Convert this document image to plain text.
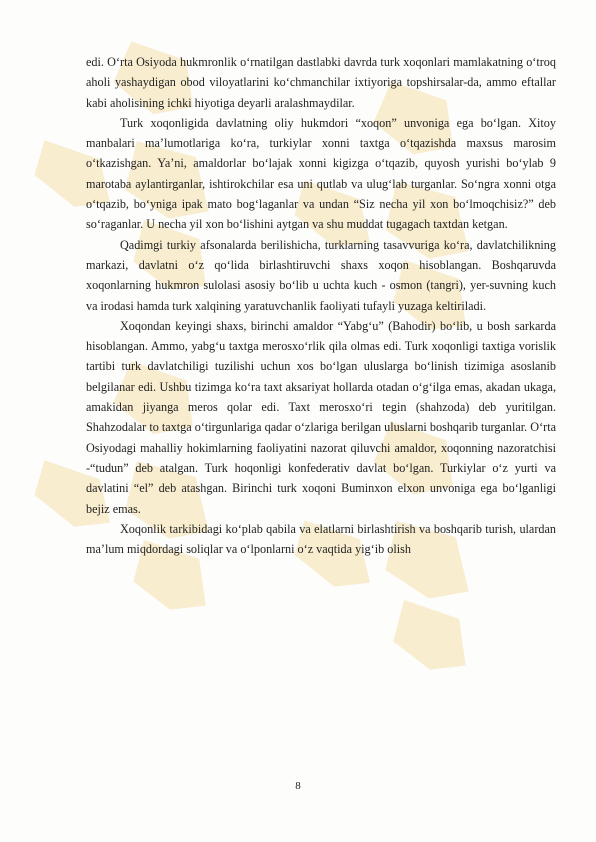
edi. O‘rta Osiyoda hukmronlik o‘rnatilgan dastlabki davrda turk xoqonlari mamlakatning o‘troq aholi yashaydigan obod viloyatlarini ko‘chmanchilar ixtiyoriga topshirsalar-da, ammo eftallar kabi aholisining ichki hiyotiga deyarli aralashmaydilar.

Turk xoqonligida davlatning oliy hukmdori “xoqon” unvoniga ega bo‘lgan. Xitoy manbalari ma’lumotlariga ko‘ra, turkiylar xonni taxtga o‘tqazishda maxsus marosim o‘tkazishgan. Ya’ni, amaldorlar bo‘lajak xonni kigizga o‘tqazib, quyosh yurishi bo‘ylab 9 marotaba aylantirganlar, ishtirokchilar esa uni qutlab va ulug‘lab turganlar. So‘ngra xonni otga o‘tqazib, bo‘yniga ipak mato bog‘laganlar va undan “Siz necha yil xon bo‘lmoqchisiz?” deb so‘raganlar. U necha yil xon bo‘lishini aytgan va shu muddat tugagach taxtdan ketgan.

Qadimgi turkiy afsonalarda berilishicha, turklarning tasavvuriga ko‘ra, davlatchilikning markazi, davlatni o‘z qo‘lida birlashtiruvchi shaxs xoqon hisoblangan. Boshqaruvda xoqonlarning hukmron sulolasi asosiy bo‘lib u uchta kuch - osmon (tangri), yer-suvning kuch va irodasi hamda turk xalqining yaratuvchanlik faoliyati tufayli yuzaga keltiriladi.

Xoqondan keyingi shaxs, birinchi amaldor “Yabg‘u” (Bahodir) bo‘lib, u bosh sarkarda hisoblangan. Ammo, yabg‘u taxtga merosxo‘rlik qila olmas edi. Turk xoqonligi taxtiga vorislik tartibi turk davlatchiligi tuzilishi uchun xos bo‘lgan uluslarga bo‘linish tizimiga asoslanib belgilanar edi. Ushbu tizimga ko‘ra taxt aksariyat hollarda otadan o‘g‘ilga emas, akadan ukaga, amakidan jiyanga meros qolar edi. Taxt merosxo‘ri tegin (shahzoda) deb yuritilgan. Shahzodalar to taxtga o‘tirgunlariga qadar o‘zlariga berilgan uluslarni boshqarib turganlar. O‘rta Osiyodagi mahalliy hokimlarning faoliyatini nazorat qiluvchi amaldor, xoqonning nazoratchisi -“tudun” deb atalgan. Turk hoqonligi konfederativ davlat bo‘lgan. Turkiylar o‘z yurti va davlatini “el” deb atashgan. Birinchi turk xoqoni Buminxon elxon unvoniga ega bo‘lganligi bejiz emas.

Xoqonlik tarkibidagi ko‘plab qabila va elatlarni birlashtirish va boshqarib turish, ulardan ma’lum miqdordagi soliqlar va o‘lponlarni o‘z vaqtida yig‘ib olish

8
